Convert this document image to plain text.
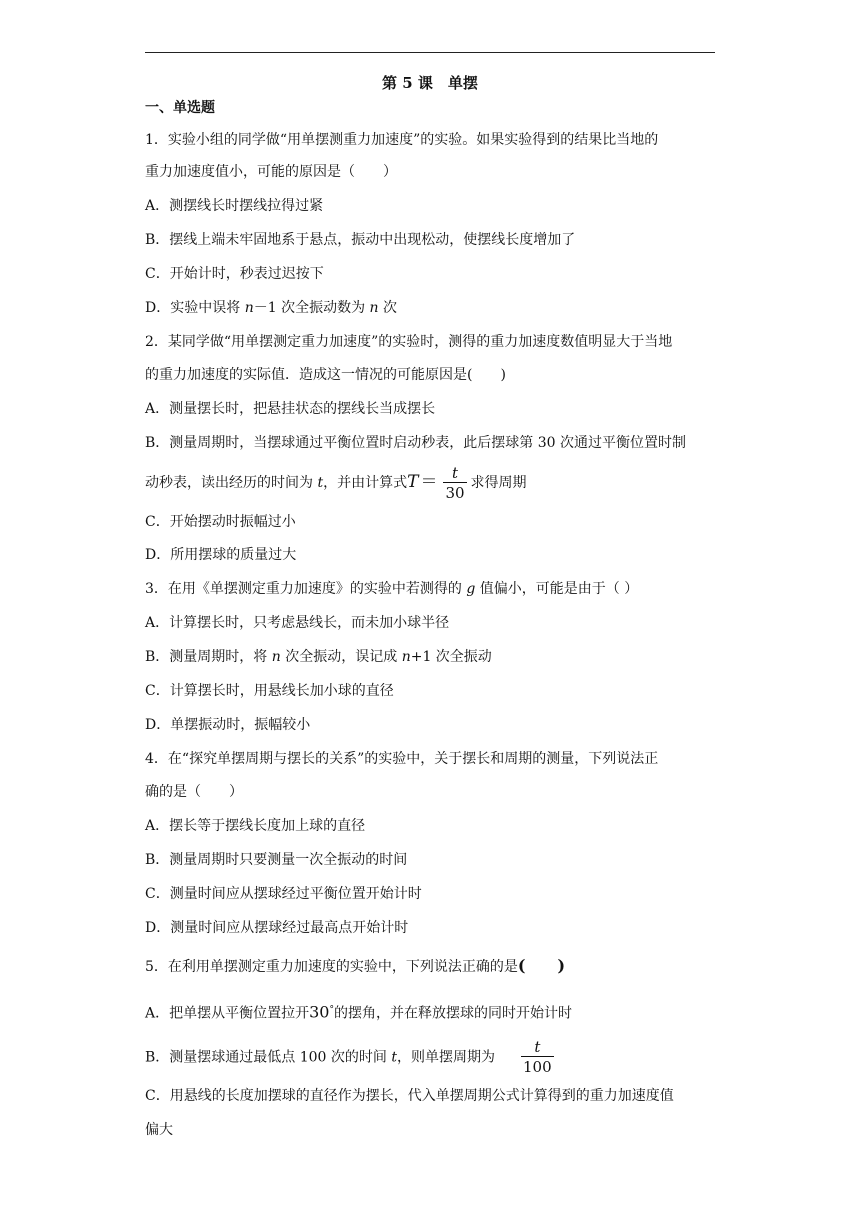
第 5 课　单摆
一、单选题
1．实验小组的同学做“用单摆测重力加速度”的实验。如果实验得到的结果比当地的
重力加速度值小，可能的原因是（　　）
A．测摆线长时摆线拉得过紧
B．摆线上端未牢固地系于悬点，振动中出现松动，使摆线长度增加了
C．开始计时，秒表过迟按下
D．实验中误将 n－1 次全振动数为 n 次
2．某同学做“用单摆测定重力加速度”的实验时，测得的重力加速度数值明显大于当地
的重力加速度的实际值．造成这一情况的可能原因是(　　)
A．测量摆长时，把悬挂状态的摆线长当成摆长
B．测量周期时，当摆球通过平衡位置时启动秒表，此后摆球第 30 次通过平衡位置时制
动秒表，读出经历的时间为 t，并由计算式$T = \frac{t}{30}$ 求得周期
C．开始摆动时振幅过小
D．所用摆球的质量过大
3．在用《单摆测定重力加速度》的实验中若测得的 g 值偏小，可能是由于（ ）
A．计算摆长时，只考虑悬线长，而未加小球半径
B．测量周期时，将 n 次全振动，误记成 n+1 次全振动
C．计算摆长时，用悬线长加小球的直径
D．单摆振动时，振幅较小
4．在“探究单摆周期与摆长的关系”的实验中，关于摆长和周期的测量，下列说法正
确的是（　　）
A．摆长等于摆线长度加上球的直径
B．测量周期时只要测量一次全振动的时间
C．测量时间应从摆球经过平衡位置开始计时
D．测量时间应从摆球经过最高点开始计时
5．在利用单摆测定重力加速度的实验中，下列说法正确的是(　　)
A．把单摆从平衡位置拉开30°的摆角，并在释放摆球的同时开始计时
B．测量摆球通过最低点 100 次的时间 t，则单摆周期为 $\frac{t}{100}$
C．用悬线的长度加摆球的直径作为摆长，代入单摆周期公式计算得到的重力加速度值
偏大
